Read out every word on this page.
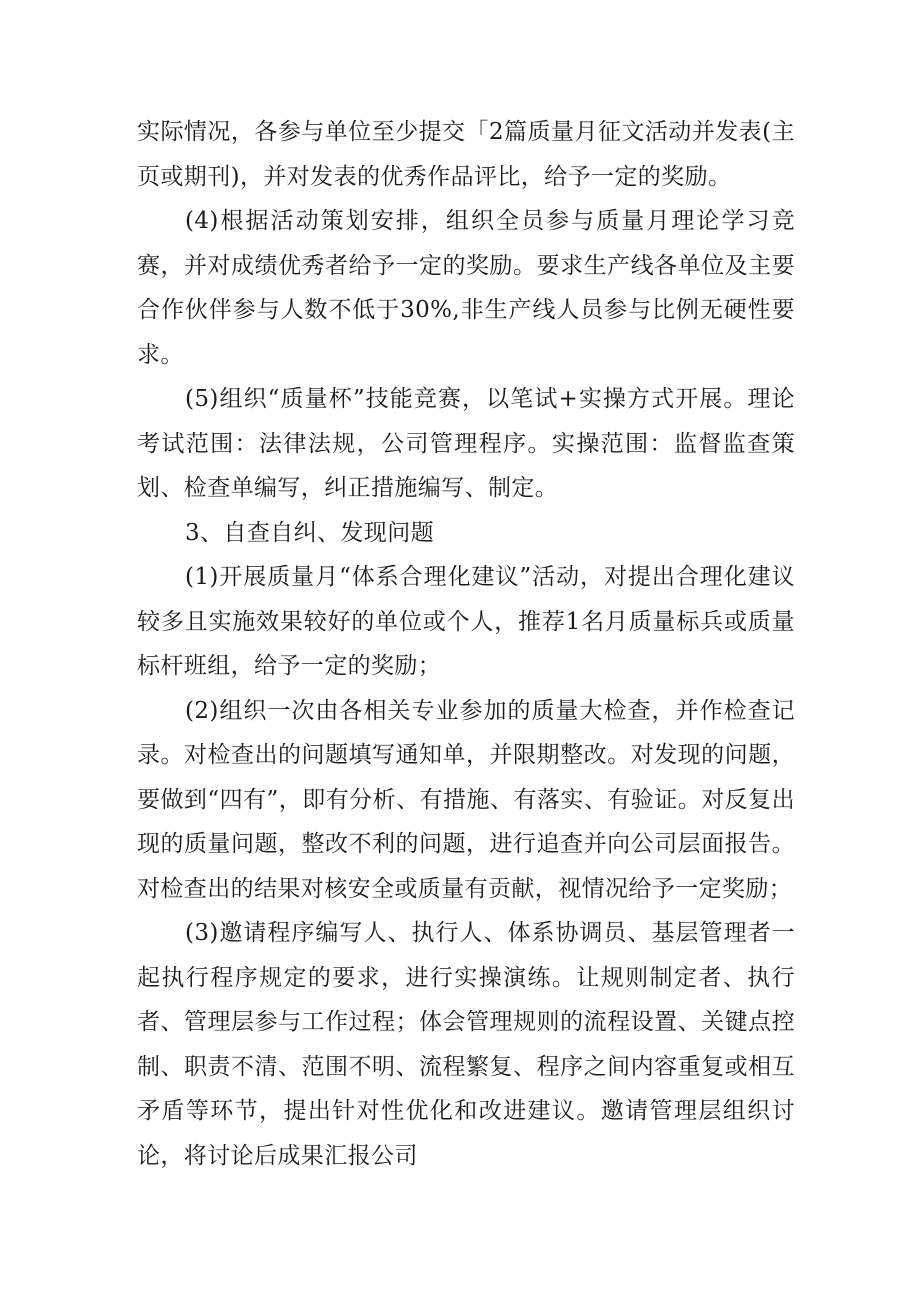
实际情况，各参与单位至少提交「2篇质量月征文活动并发表(主页或期刊)，并对发表的优秀作品评比，给予一定的奖励。

(4)根据活动策划安排，组织全员参与质量月理论学习竞赛，并对成绩优秀者给予一定的奖励。要求生产线各单位及主要合作伙伴参与人数不低于30%,非生产线人员参与比例无硬性要求。

(5)组织“质量杯”技能竞赛，以笔试+实操方式开展。理论考试范围：法律法规，公司管理程序。实操范围：监督监查策划、检查单编写，纠正措施编写、制定。

3、自查自纠、发现问题

(1)开展质量月“体系合理化建议”活动，对提出合理化建议较多且实施效果较好的单位或个人，推荐1名月质量标兵或质量标杆班组，给予一定的奖励；

(2)组织一次由各相关专业参加的质量大检查，并作检查记录。对检查出的问题填写通知单，并限期整改。对发现的问题，要做到“四有”，即有分析、有措施、有落实、有验证。对反复出现的质量问题，整改不利的问题，进行追查并向公司层面报告。对检查出的结果对核安全或质量有贡献，视情况给予一定奖励；

(3)邀请程序编写人、执行人、体系协调员、基层管理者一起执行程序规定的要求，进行实操演练。让规则制定者、执行者、管理层参与工作过程；体会管理规则的流程设置、关键点控制、职责不清、范围不明、流程繁复、程序之间内容重复或相互矛盾等环节，提出针对性优化和改进建议。邀请管理层组织讨论，将讨论后成果汇报公司
